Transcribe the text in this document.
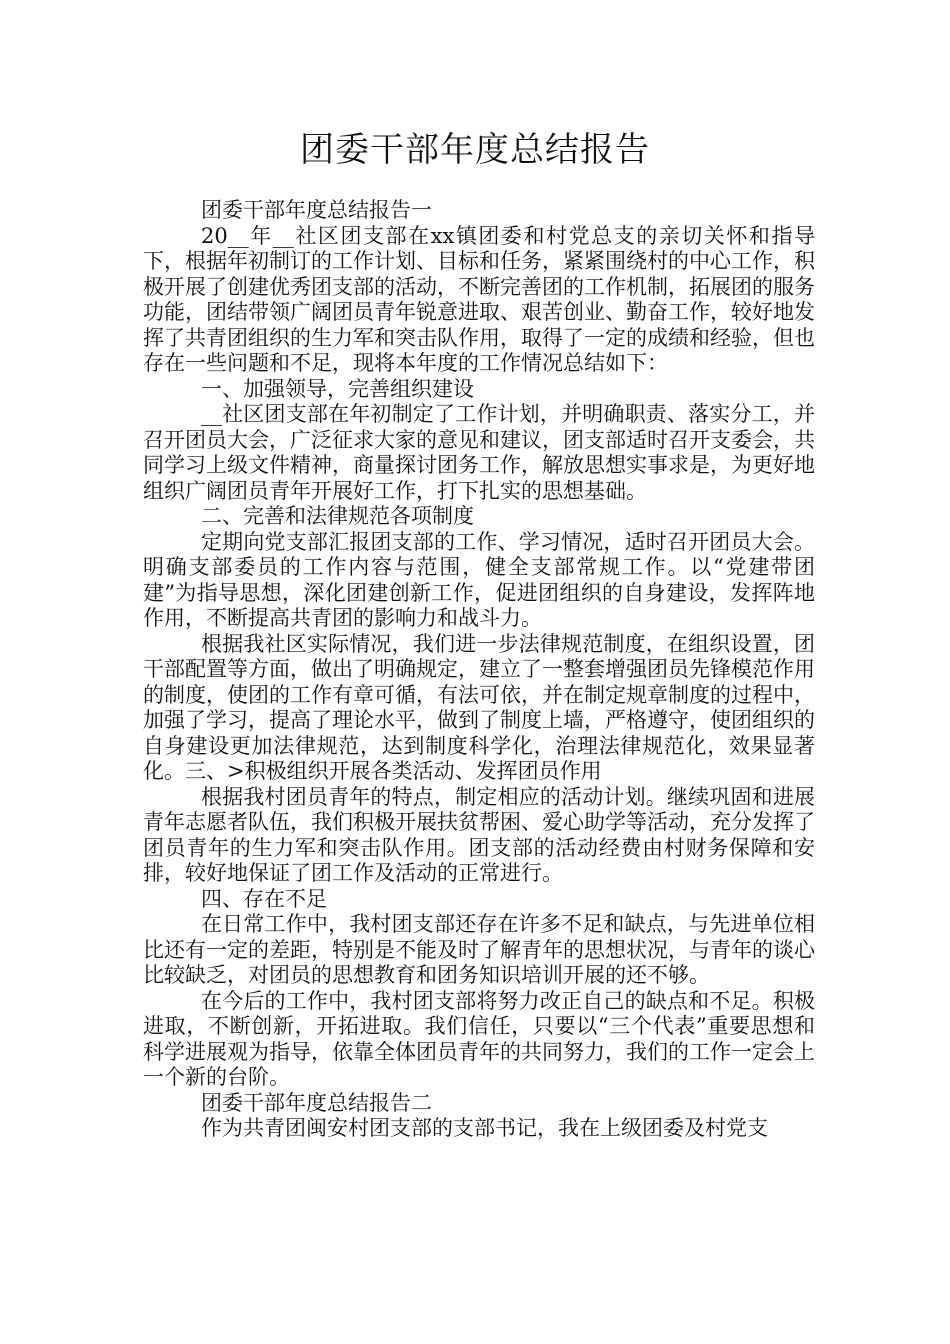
团委干部年度总结报告

团委干部年度总结报告一

20__年__社区团支部在xx镇团委和村党总支的亲切关怀和指导下，根据年初制订的工作计划、目标和任务，紧紧围绕村的中心工作，积极开展了创建优秀团支部的活动，不断完善团的工作机制，拓展团的服务功能，团结带领广阔团员青年锐意进取、艰苦创业、勤奋工作，较好地发挥了共青团组织的生力军和突击队作用，取得了一定的成绩和经验，但也存在一些问题和不足，现将本年度的工作情况总结如下：

一、加强领导，完善组织建设

__社区团支部在年初制定了工作计划，并明确职责、落实分工，并召开团员大会，广泛征求大家的意见和建议，团支部适时召开支委会，共同学习上级文件精神，商量探讨团务工作，解放思想实事求是，为更好地组织广阔团员青年开展好工作，打下扎实的思想基础。

二、完善和法律规范各项制度

定期向党支部汇报团支部的工作、学习情况，适时召开团员大会。明确支部委员的工作内容与范围，健全支部常规工作。以“党建带团建”为指导思想，深化团建创新工作，促进团组织的自身建设，发挥阵地作用，不断提高共青团的影响力和战斗力。

根据我社区实际情况，我们进一步法律规范制度，在组织设置，团干部配置等方面，做出了明确规定，建立了一整套增强团员先锋模范作用的制度，使团的工作有章可循，有法可依，并在制定规章制度的过程中，加强了学习，提高了理论水平，做到了制度上墙，严格遵守，使团组织的自身建设更加法律规范，达到制度科学化，治理法律规范化，效果显著化。三、>积极组织开展各类活动、发挥团员作用

根据我村团员青年的特点，制定相应的活动计划。继续巩固和进展青年志愿者队伍，我们积极开展扶贫帮困、爱心助学等活动，充分发挥了团员青年的生力军和突击队作用。团支部的活动经费由村财务保障和安排，较好地保证了团工作及活动的正常进行。

四、存在不足

在日常工作中，我村团支部还存在许多不足和缺点，与先进单位相比还有一定的差距，特别是不能及时了解青年的思想状况，与青年的谈心比较缺乏，对团员的思想教育和团务知识培训开展的还不够。

在今后的工作中，我村团支部将努力改正自己的缺点和不足。积极进取，不断创新，开拓进取。我们信任，只要以“三个代表”重要思想和科学进展观为指导，依靠全体团员青年的共同努力，我们的工作一定会上一个新的台阶。

团委干部年度总结报告二

作为共青团闽安村团支部的支部书记，我在上级团委及村党支
